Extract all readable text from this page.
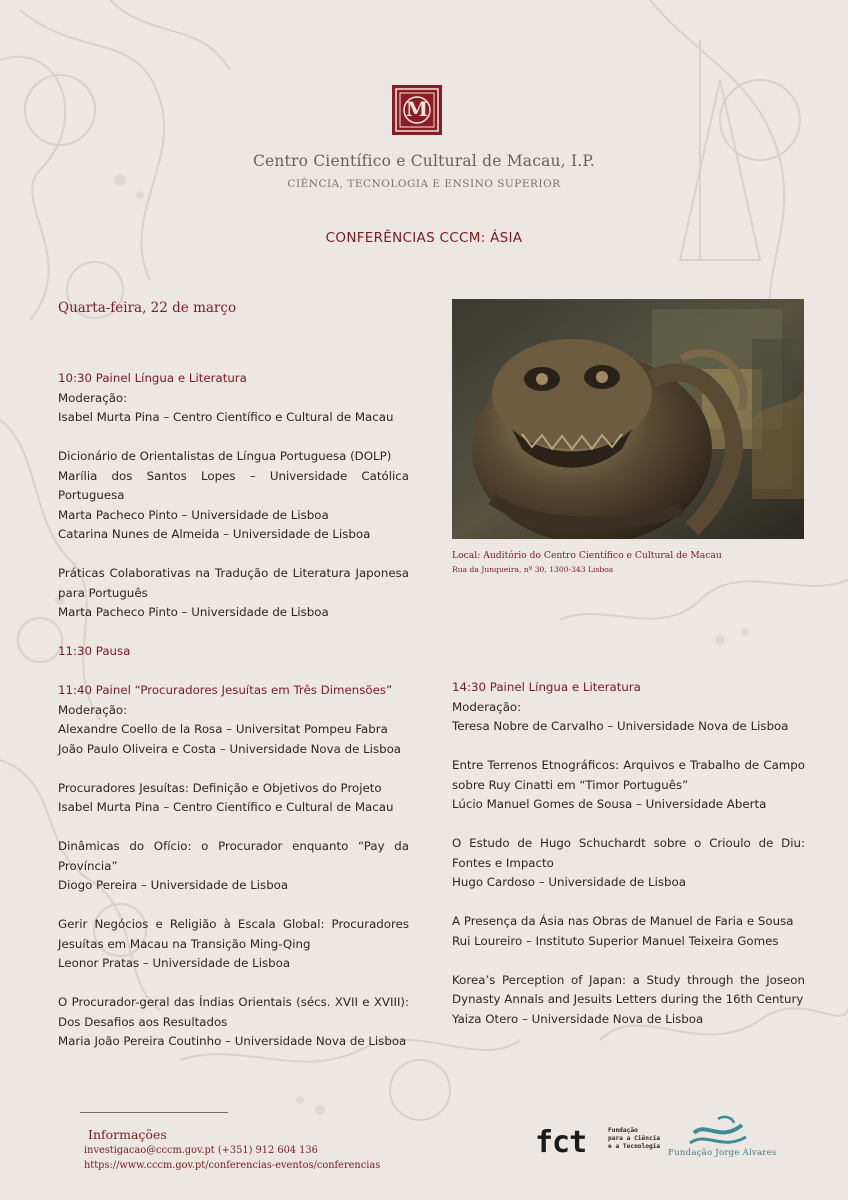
M
Centro Científico e Cultural de Macau, I.P.
CIÊNCIA, TECNOLOGIA E ENSINO SUPERIOR
CONFERÊNCIAS CCCM: ÁSIA
Quarta-feira, 22 de março
Local: Auditório do Centro Científico e Cultural de Macau
Rua da Junqueira, nº 30, 1300-343 Lisboa

10:30 Painel Língua e Literatura

Moderação:

Isabel Murta Pina – Centro Científico e Cultural de Macau

Dicionário de Orientalistas de Língua Portuguesa (DOLP)

Marília dos Santos Lopes – Universidade Católica Portuguesa

Marta Pacheco Pinto – Universidade de Lisboa

Catarina Nunes de Almeida – Universidade de Lisboa

Práticas Colaborativas na Tradução de Literatura Japonesa para Português

Marta Pacheco Pinto – Universidade de Lisboa

11:30 Pausa

11:40 Painel “Procuradores Jesuítas em Três Dimensões”

Moderação:

Alexandre Coello de la Rosa – Universitat Pompeu Fabra

João Paulo Oliveira e Costa – Universidade Nova de Lisboa

Procuradores Jesuítas: Definição e Objetivos do Projeto

Isabel Murta Pina – Centro Científico e Cultural de Macau

Dinâmicas do Ofício: o Procurador enquanto “Pay da Província”

Diogo Pereira – Universidade de Lisboa

Gerir Negócios e Religião à Escala Global: Procuradores Jesuítas em Macau na Transição Ming-Qing

Leonor Pratas – Universidade de Lisboa

O Procurador-geral das Índias Orientais (sécs. XVII e XVIII): Dos Desafios aos Resultados

Maria João Pereira Coutinho – Universidade Nova de Lisboa

14:30 Painel Língua e Literatura

Moderação:

Teresa Nobre de Carvalho – Universidade Nova de Lisboa

Entre Terrenos Etnográficos: Arquivos e Trabalho de Campo sobre Ruy Cinatti em “Timor Português”

Lúcio Manuel Gomes de Sousa – Universidade Aberta

O Estudo de Hugo Schuchardt sobre o Crioulo de Diu: Fontes e Impacto

Hugo Cardoso – Universidade de Lisboa

A Presença da Ásia nas Obras de Manuel de Faria e Sousa

Rui Loureiro – Instituto Superior Manuel Teixeira Gomes

Korea’s Perception of Japan: a Study through the Joseon Dynasty Annals and Jesuits Letters during the 16th Century

Yaiza Otero – Universidade Nova de Lisboa

Informações
investigacao@cccm.gov.pt (+351) 912 604 136
https://www.cccm.gov.pt/conferencias-eventos/conferencias
fct	Fundação
para a Ciência
e a Tecnologia
Fundação Jorge Álvares
